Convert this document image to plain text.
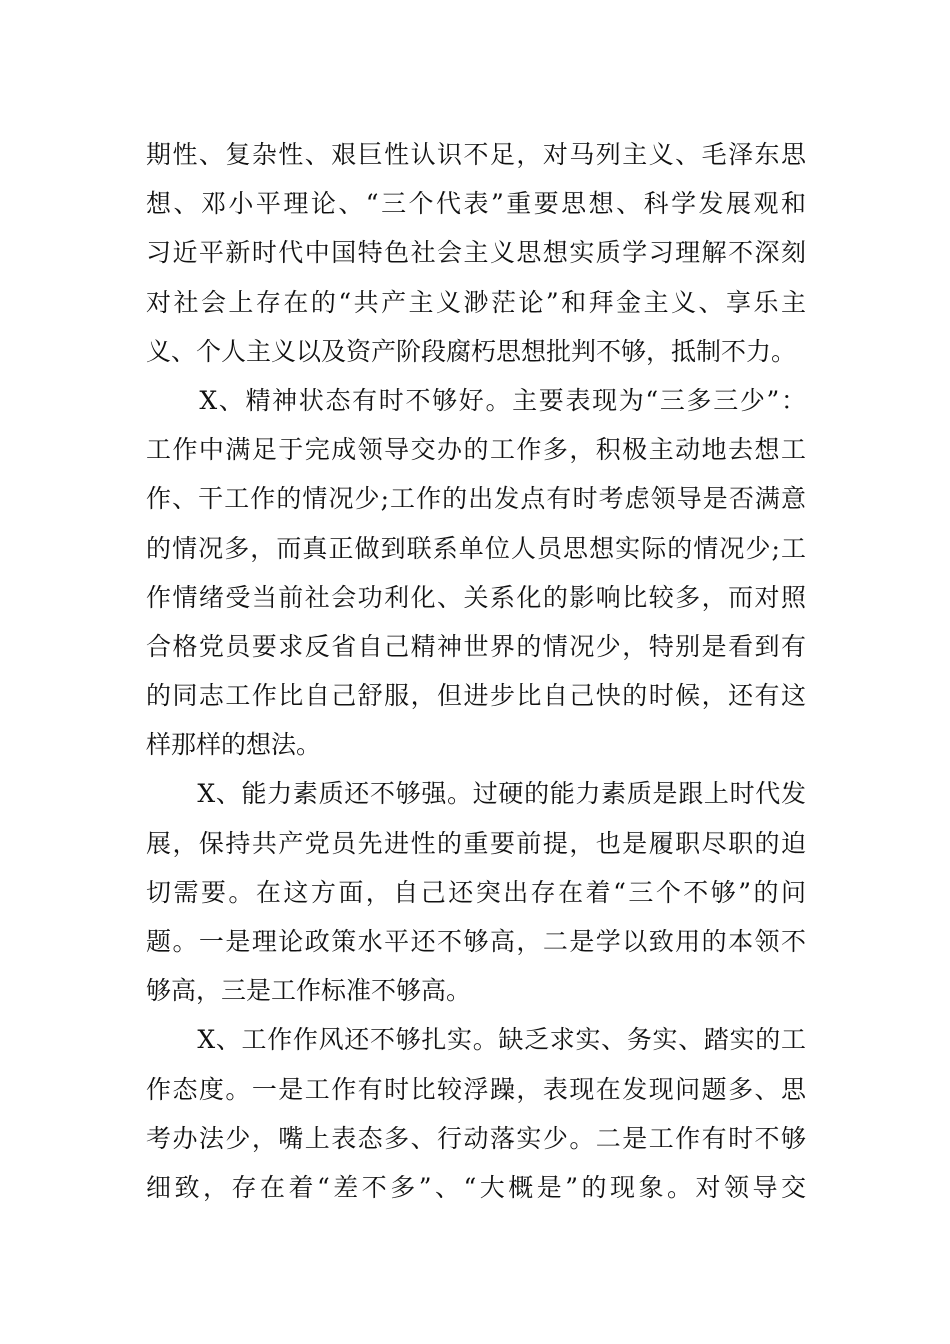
期性、复杂性、艰巨性认识不足，对马列主义、毛泽东思
想、邓小平理论、“三个代表”重要思想、科学发展观和
习近平新时代中国特色社会主义思想实质学习理解不深刻
对社会上存在的“共产主义渺茫论”和拜金主义、享乐主
义、个人主义以及资产阶段腐朽思想批判不够，抵制不力。
　　X、精神状态有时不够好。主要表现为“三多三少”：
工作中满足于完成领导交办的工作多，积极主动地去想工
作、干工作的情况少;工作的出发点有时考虑领导是否满意
的情况多，而真正做到联系单位人员思想实际的情况少;工
作情绪受当前社会功利化、关系化的影响比较多，而对照
合格党员要求反省自己精神世界的情况少，特别是看到有
的同志工作比自己舒服，但进步比自己快的时候，还有这
样那样的想法。
　　X、能力素质还不够强。过硬的能力素质是跟上时代发
展，保持共产党员先进性的重要前提，也是履职尽职的迫
切需要。在这方面，自己还突出存在着“三个不够”的问
题。一是理论政策水平还不够高，二是学以致用的本领不
够高，三是工作标准不够高。
　　X、工作作风还不够扎实。缺乏求实、务实、踏实的工
作态度。一是工作有时比较浮躁，表现在发现问题多、思
考办法少，嘴上表态多、行动落实少。二是工作有时不够
细致，存在着“差不多”、“大概是”的现象。对领导交
